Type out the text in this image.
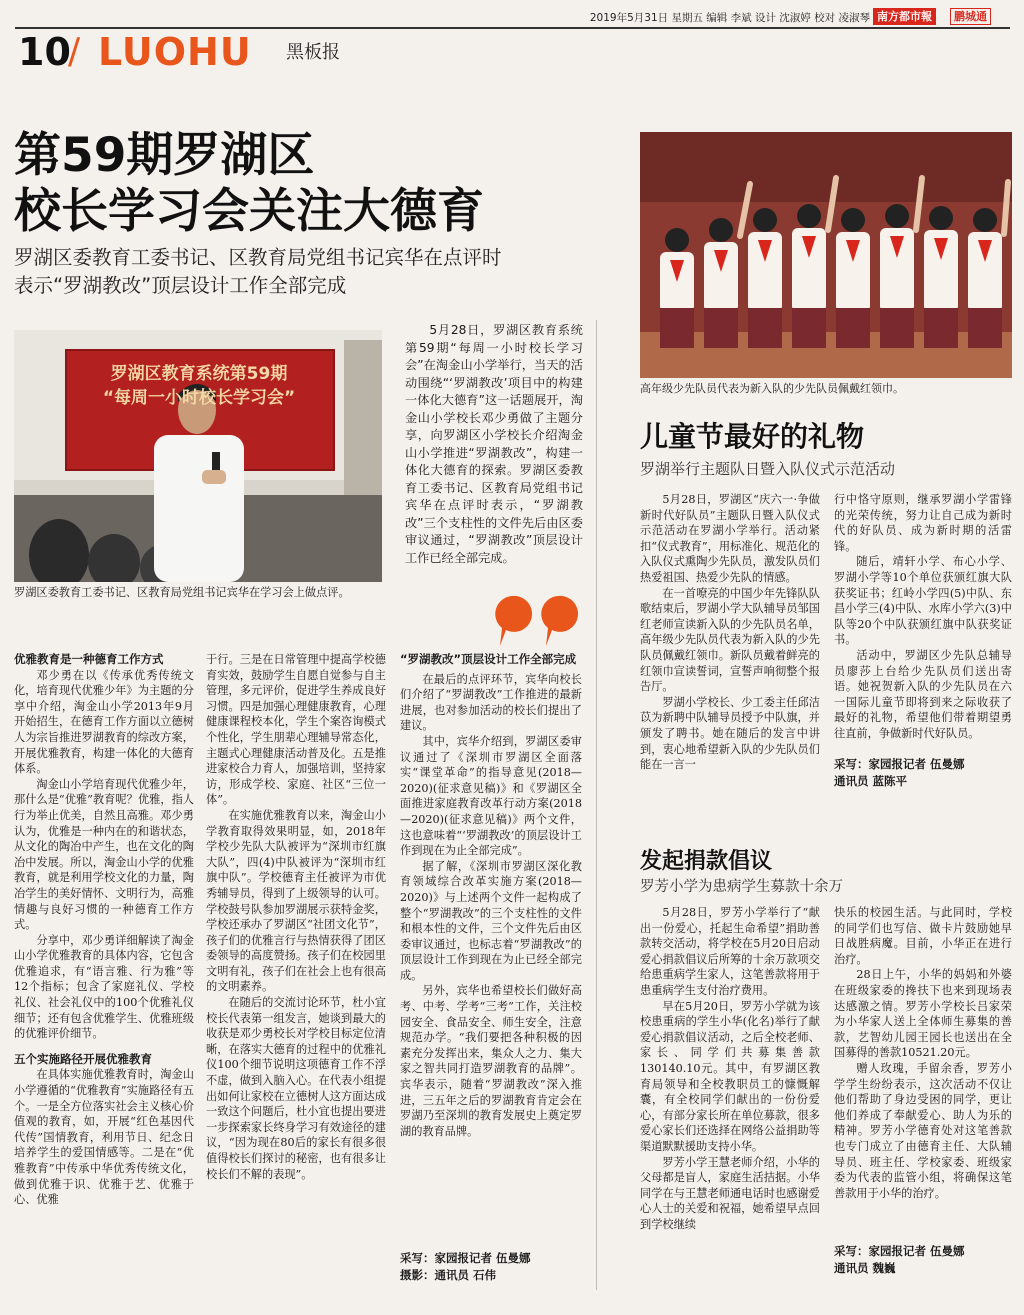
2019年5月31日 星期五 编辑 李斌 设计 沈淑婷 校对 凌淑琴 南方都市報	鹏城通
10
/ LUOHU 黑板报
第59期罗湖区
校长学习会关注大德育
罗湖区委教育工委书记、区教育局党组书记宾华在点评时
表示“罗湖教改”顶层设计工作全部完成
罗湖区教育系统第59期
“每周一小时校长学习会”
罗湖区委教育工委书记、区教育局党组书记宾华在学习会上做点评。
5月28日，罗湖区教育系统第59期“每周一小时校长学习会”在淘金山小学举行，当天的活动围绕“‘罗湖教改’项目中的构建一体化大德育”这一话题展开，淘金山小学校长邓少勇做了主题分享，向罗湖区小学校长介绍淘金山小学推进“罗湖教改”，构建一体化大德育的探索。罗湖区委教育工委书记、区教育局党组书记宾华在点评时表示，“罗湖教改”三个支柱性的文件先后由区委审议通过，“罗湖教改”顶层设计工作已经全部完成。
优雅教育是一种德育工作方式

邓少勇在以《传承优秀传统文化，培育现代优雅少年》为主题的分享中介绍，淘金山小学2013年9月开始招生，在德育工作方面以立德树人为宗旨推进罗湖教育的综改方案，开展优雅教育，构建一体化的大德育体系。

淘金山小学培育现代优雅少年，那什么是“优雅”教育呢？优雅，指人行为举止优美，自然且高雅。邓少勇认为，优雅是一种内在的和谐状态，从文化的陶冶中产生，也在文化的陶冶中发展。所以，淘金山小学的优雅教育，就是利用学校文化的力量，陶冶学生的美好情怀、文明行为，高雅情趣与良好习惯的一种德育工作方式。

分享中，邓少勇详细解读了淘金山小学优雅教育的具体内容，它包含优雅追求，有“语言雅、行为雅”等12个指标；包含了家庭礼仪、学校礼仪、社会礼仪中的100个优雅礼仪细节；还有包含优雅学生、优雅班级的优雅评价细节。

五个实施路径开展优雅教育

在具体实施优雅教育时，淘金山小学遵循的“优雅教育”实施路径有五个。一是全方位落实社会主义核心价值观的教育，如，开展“红色基因代代传”国情教育，利用节日、纪念日培养学生的爱国情感等。二是在“优雅教育”中传承中华优秀传统文化，做到优雅于识、优雅于艺、优雅于心、优雅

于行。三是在日常管理中提高学校德育实效，鼓励学生自愿自觉参与自主管理，多元评价，促进学生养成良好习惯。四是加强心理健康教育，心理健康课程校本化，学生个案咨询模式个性化，学生朋辈心理辅导常态化，主题式心理健康活动普及化。五是推进家校合力育人，加强培训，坚持家访，形成学校、家庭、社区“三位一体”。

在实施优雅教育以来，淘金山小学教育取得效果明显，如，2018年学校少先队大队被评为“深圳市红旗大队”，四(4)中队被评为“深圳市红旗中队”。学校德育主任被评为市优秀辅导员，得到了上级领导的认可。学校鼓号队参加罗湖展示获特金奖，学校还承办了罗湖区“社团文化节”，孩子们的优雅言行与热情获得了团区委领导的高度赞扬。孩子们在校园里文明有礼，孩子们在社会上也有很高的文明素养。

在随后的交流讨论环节，杜小宜校长代表第一组发言，她谈到最大的收获是邓少勇校长对学校目标定位清晰，在落实大德育的过程中的优雅礼仪100个细节说明这项德育工作不浮不虚，做到入脑入心。在代表小组提出如何让家校在立德树人这方面达成一致这个问题后，杜小宜也提出要进一步探索家长终身学习有效途径的建议，“因为现在80后的家长有很多很值得校长们探讨的秘密，也有很多让校长们不解的表现”。

“罗湖教改”顶层设计工作全部完成

在最后的点评环节，宾华向校长们介绍了“罗湖教改”工作推进的最新进展，也对参加活动的校长们提出了建议。

其中，宾华介绍到，罗湖区委审议通过了《深圳市罗湖区全面落实“课堂革命”的指导意见(2018—2020)(征求意见稿)》和《罗湖区全面推进家庭教育改革行动方案(2018—2020)(征求意见稿)》两个文件，这也意味着“‘罗湖教改’的顶层设计工作到现在为止全部完成”。

据了解，《深圳市罗湖区深化教育领域综合改革实施方案(2018—2020)》与上述两个文件一起构成了整个“罗湖教改”的三个支柱性的文件和根本性的文件，三个文件先后由区委审议通过，也标志着“罗湖教改”的顶层设计工作到现在为止已经全部完成。

另外，宾华也希望校长们做好高考、中考、学考“三考”工作，关注校园安全、食品安全、师生安全，注意规范办学。“我们要把各种积极的因素充分发挥出来，集众人之力、集大家之智共同打造罗湖教育的品牌”。宾华表示，随着“罗湖教改”深入推进，三五年之后的罗湖教育肯定会在罗湖乃至深圳的教育发展史上奠定罗湖的教育品牌。

采写：家园报记者 伍曼娜
摄影：通讯员 石伟
高年级少先队员代表为新入队的少先队员佩戴红领巾。
儿童节最好的礼物
罗湖举行主题队日暨入队仪式示范活动

5月28日，罗湖区“庆六一·争做新时代好队员”主题队日暨入队仪式示范活动在罗湖小学举行。活动紧扣“仪式教育”，用标准化、规范化的入队仪式熏陶少先队员，激发队员们热爱祖国、热爱少先队的情感。

在一首嘹亮的中国少年先锋队队歌结束后，罗湖小学大队辅导员邹国红老师宣读新入队的少先队员名单，高年级少先队员代表为新入队的少先队员佩戴红领巾。新队员戴着鲜亮的红领巾宣读誓词，宣誓声响彻整个报告厅。

罗湖小学校长、少工委主任邱洁苡为新聘中队辅导员授予中队旗，并颁发了聘书。她在随后的发言中讲到，衷心地希望新入队的少先队员们能在一言一

行中恪守原则，继承罗湖小学雷锋的光荣传统，努力让自己成为新时代的好队员、成为新时期的活雷锋。

随后，靖轩小学、布心小学、罗湖小学等10个单位获颁红旗大队获奖证书；红岭小学四(5)中队、东昌小学三(4)中队、水库小学六(3)中队等20个中队获颁红旗中队获奖证书。

活动中，罗湖区少先队总辅导员廖莎上台给少先队员们送出寄语。她祝贺新入队的少先队员在六一国际儿童节即将到来之际收获了最好的礼物，希望他们带着期望勇往直前，争做新时代好队员。

采写：家园报记者 伍曼娜
通讯员 蓝陈平
发起捐款倡议
罗芳小学为患病学生募款十余万

5月28日，罗芳小学举行了“献出一份爱心，托起生命希望”捐助善款转交活动，将学校在5月20日启动爱心捐款倡议后所筹的十余万款项交给患重病学生家人，这笔善款将用于患重病学生支付治疗费用。

早在5月20日，罗芳小学就为该校患重病的学生小华(化名)举行了献爱心捐款倡议活动，之后全校老师、家长、同学们共募集善款130140.10元。其中，有罗湖区教育局领导和全校教职员工的慷慨解囊，有全校同学们献出的一份份爱心，有部分家长所在单位募款，很多爱心家长们还选择在网络公益捐助等渠道默默援助支持小华。

罗芳小学王慧老师介绍，小华的父母都是盲人，家庭生活拮据。小华同学在与王慧老师通电话时也感谢爱心人士的关爱和祝福，她希望早点回到学校继续

快乐的校园生活。与此同时，学校的同学们也写信、做卡片鼓励她早日战胜病魔。目前，小华正在进行治疗。

28日上午，小华的妈妈和外婆在班级家委的搀扶下也来到现场表达感激之情。罗芳小学校长吕家荣为小华家人送上全体师生募集的善款，艺智幼儿园王园长也送出在全国募得的善款10521.20元。

赠人玫瑰，手留余香，罗芳小学学生纷纷表示，这次活动不仅让他们帮助了身边受困的同学，更让他们养成了奉献爱心、助人为乐的精神。罗芳小学德育处对这笔善款也专门成立了由德育主任、大队辅导员、班主任、学校家委、班级家委为代表的监管小组，将确保这笔善款用于小华的治疗。

采写：家园报记者 伍曼娜
通讯员 魏巍
